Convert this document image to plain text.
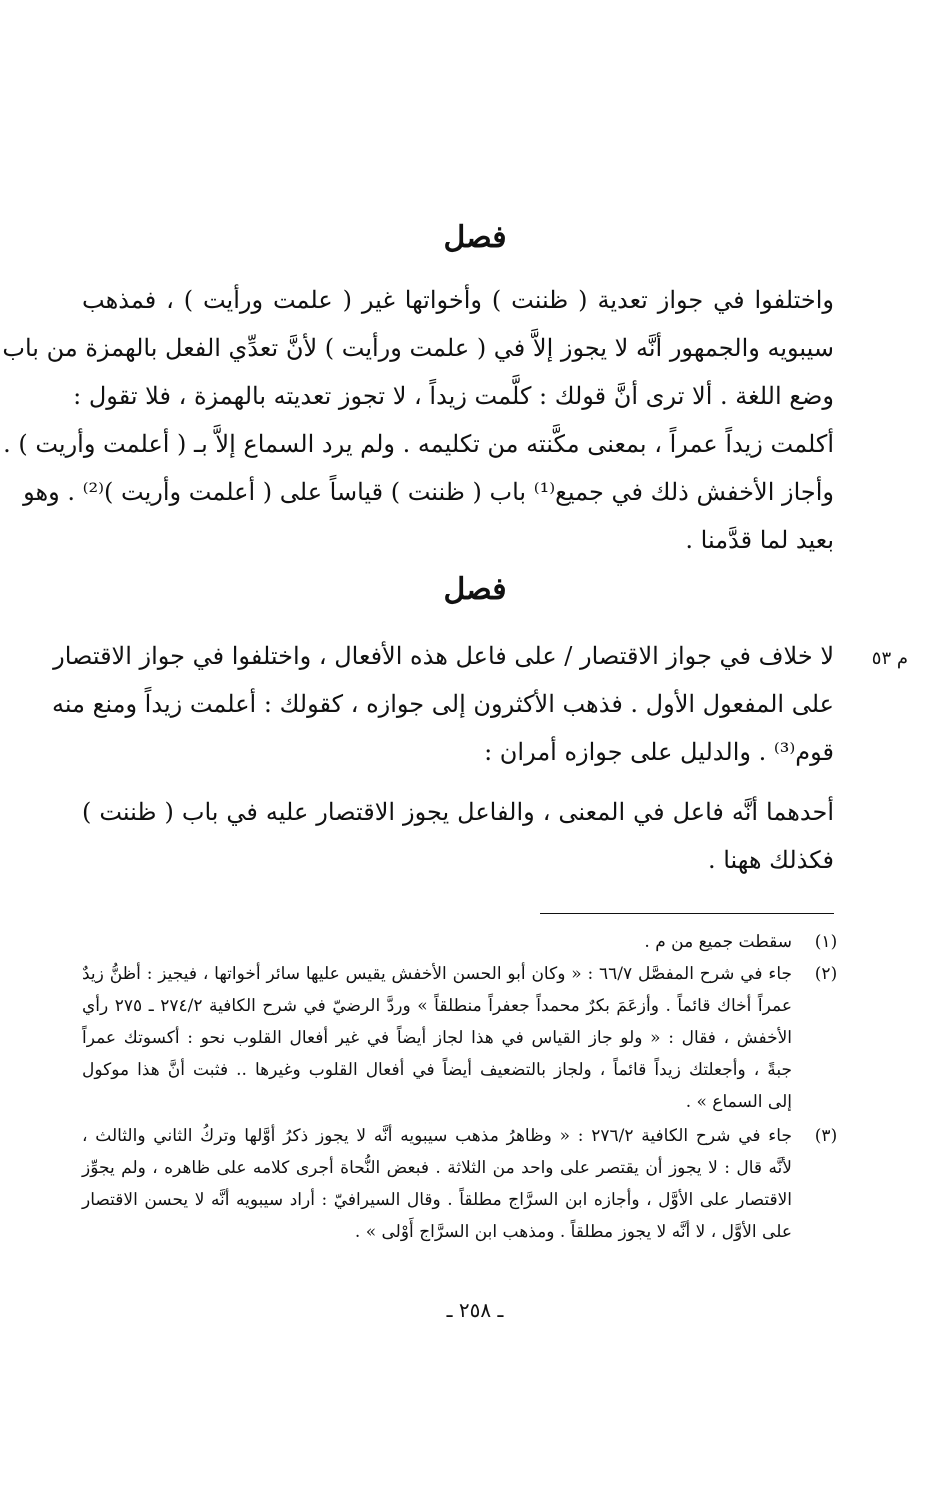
فصل
واختلفوا في جواز تعدية ( ظننت ) وأخواتها غير ( علمت ورأيت ) ، فمذهب
سيبويه والجمهور أنَّه لا يجوز إلاَّ في ( علمت ورأيت ) لأنَّ تعدِّي الفعل بالهمزة من باب
وضع اللغة . ألا ترى أنَّ قولك : كلَّمت زيداً ، لا تجوز تعديته بالهمزة ، فلا تقول :
أكلمت زيداً عمراً ، بمعنى مكَّنته من تكليمه . ولم يرد السماع إلاَّ بـ ( أعلمت وأريت ) .
وأجاز الأخفش ذلك في جميع⁽¹⁾ باب ( ظننت ) قياساً على ( أعلمت وأريت )⁽²⁾ . وهو
بعيد لما قدَّمنا .
فصل
م ٥٣
لا خلاف في جواز الاقتصار / على فاعل هذه الأفعال ، واختلفوا في جواز الاقتصار
على المفعول الأول . فذهب الأكثرون إلى جوازه ، كقولك : أعلمت زيداً ومنع منه
قوم⁽³⁾ . والدليل على جوازه أمران :
أحدهما أنَّه فاعل في المعنى ، والفاعل يجوز الاقتصار عليه في باب ( ظننت )
فكذلك ههنا .
(١)
سقطت جميع من م .
(٢)
جاء في شرح المفصَّل ٦٦/٧ : « وكان أبو الحسن الأخفش يقيس عليها سائر أخواتها ، فيجيز : أظنُّ زيدٌ
عمراً أخاك قائماً . وأزعَمَ بكرٌ محمداً جعفراً منطلقاً » وردَّ الرضيّ في شرح الكافية ٢٧٤/٢ ـ ٢٧٥ رأي
الأخفش ، فقال : « ولو جاز القياس في هذا لجاز أيضاً في غير أفعال القلوب نحو : أكسوتك عمراً
جبةً ، وأجعلتك زيداً قائماً ، ولجاز بالتضعيف أيضاً في أفعال القلوب وغيرها .. فثبت أنَّ هذا موكول
إلى السماع » .
(٣)
جاء في شرح الكافية ٢٧٦/٢ : « وظاهرُ مذهب سيبويه أنَّه لا يجوز ذكرُ أوَّلها وتركُ الثاني والثالث ،
لأنَّه قال : لا يجوز أن يقتصر على واحد من الثلاثة . فبعض النُّحاة أجرى كلامه على ظاهره ، ولم يجوِّز
الاقتصار على الأوَّل ، وأجازه ابن السرَّاج مطلقاً . وقال السيرافيّ : أراد سيبويه أنَّه لا يحسن الاقتصار
على الأوَّل ، لا أنَّه لا يجوز مطلقاً . ومذهب ابن السرَّاج أَوْلى » .
ـ ٢٥٨ ـ
